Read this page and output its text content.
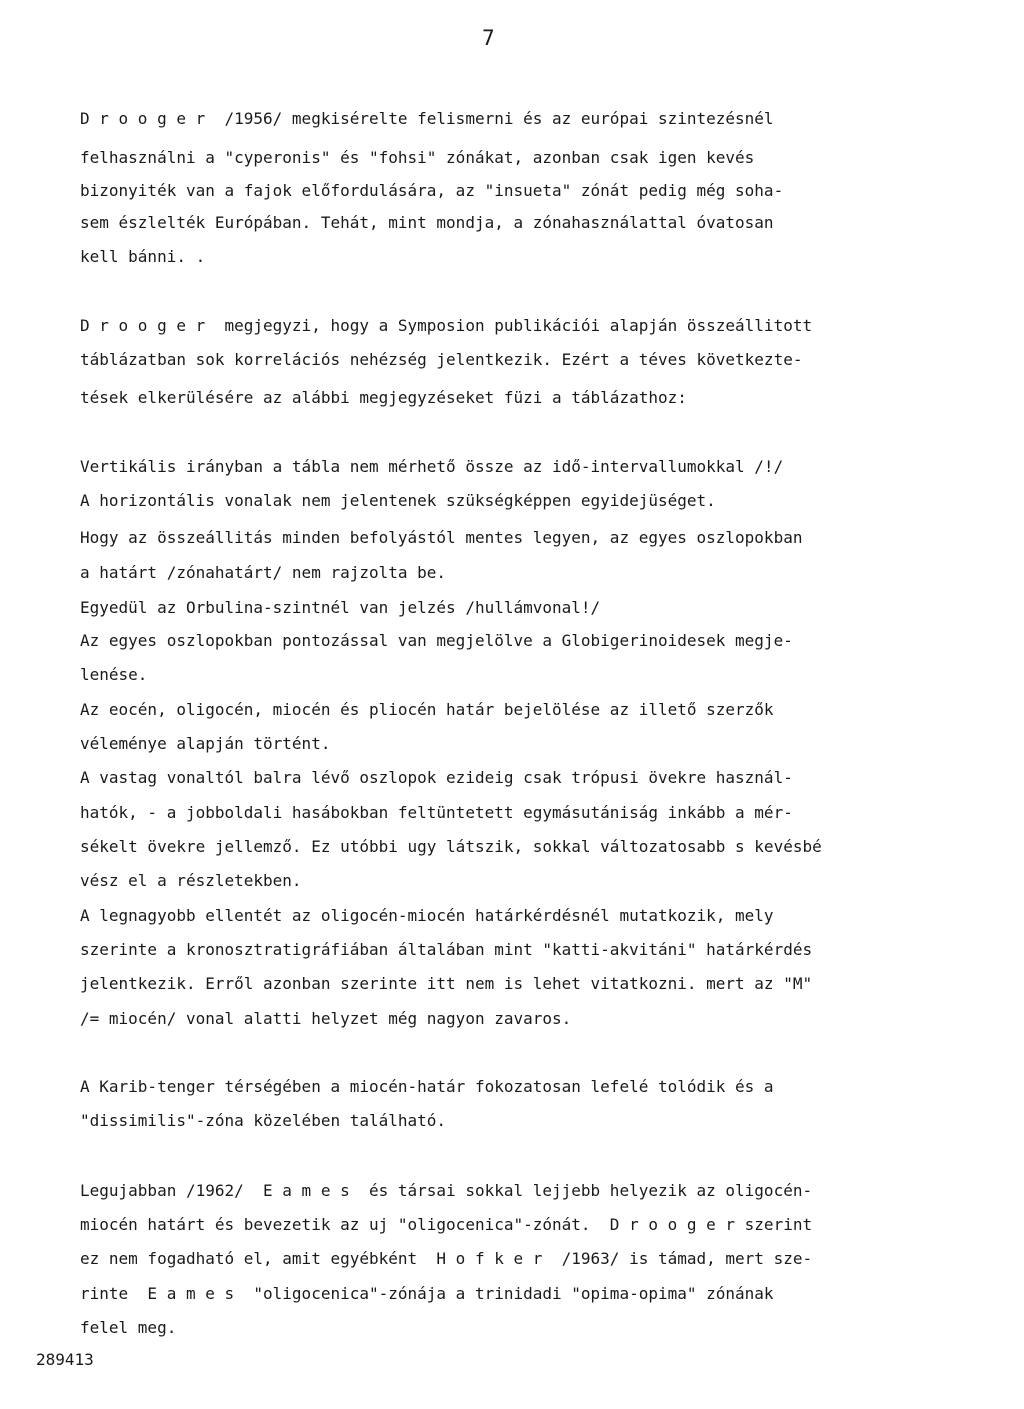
7
D r o o g e r  /1956/ megkisérelte felismerni és az európai szintezésnél
felhasználni a "cyperonis" és "fohsi" zónákat, azonban csak igen kevés
bizonyiték van a fajok előfordulására, az "insueta" zónát pedig még soha-
sem észlelték Európában. Tehát, mint mondja, a zónahasználattal óvatosan
kell bánni. .
D r o o g e r  megjegyzi, hogy a Symposion publikációi alapján összeállitott
táblázatban sok korrelációs nehézség jelentkezik. Ezért a téves következte-
tések elkerülésére az alábbi megjegyzéseket füzi a táblázathoz:
Vertikális irányban a tábla nem mérhető össze az idő-intervallumokkal /!/
A horizontális vonalak nem jelentenek szükségképpen egyidejüséget.
Hogy az összeállitás minden befolyástól mentes legyen, az egyes oszlopokban
a határt /zónahatárt/ nem rajzolta be.
Egyedül az Orbulina-szintnél van jelzés /hullámvonal!/
Az egyes oszlopokban pontozással van megjelölve a Globigerinoidesek megje-
lenése.
Az eocén, oligocén, miocén és pliocén határ bejelölése az illető szerzők
véleménye alapján történt.
A vastag vonaltól balra lévő oszlopok ezideig csak trópusi övekre használ-
hatók, - a jobboldali hasábokban feltüntetett egymásutániság inkább a mér-
sékelt övekre jellemző. Ez utóbbi ugy látszik, sokkal változatosabb s kevésbé
vész el a részletekben.
A legnagyobb ellentét az oligocén-miocén határkérdésnél mutatkozik, mely
szerinte a kronosztratigráfiában általában mint "katti-akvitáni" határkérdés
jelentkezik. Erről azonban szerinte itt nem is lehet vitatkozni. mert az "M"
/= miocén/ vonal alatti helyzet még nagyon zavaros.
A Karib-tenger térségében a miocén-határ fokozatosan lefelé tolódik és a
"dissimilis"-zóna közelében található.
Legujabban /1962/  E a m e s  és társai sokkal lejjebb helyezik az oligocén-
miocén határt és bevezetik az uj "oligocenica"-zónát.  D r o o g e r szerint
ez nem fogadható el, amit egyébként  H o f k e r  /1963/ is támad, mert sze-
rinte  E a m e s  "oligocenica"-zónája a trinidadi "opima-opima" zónának
felel meg.
289413
